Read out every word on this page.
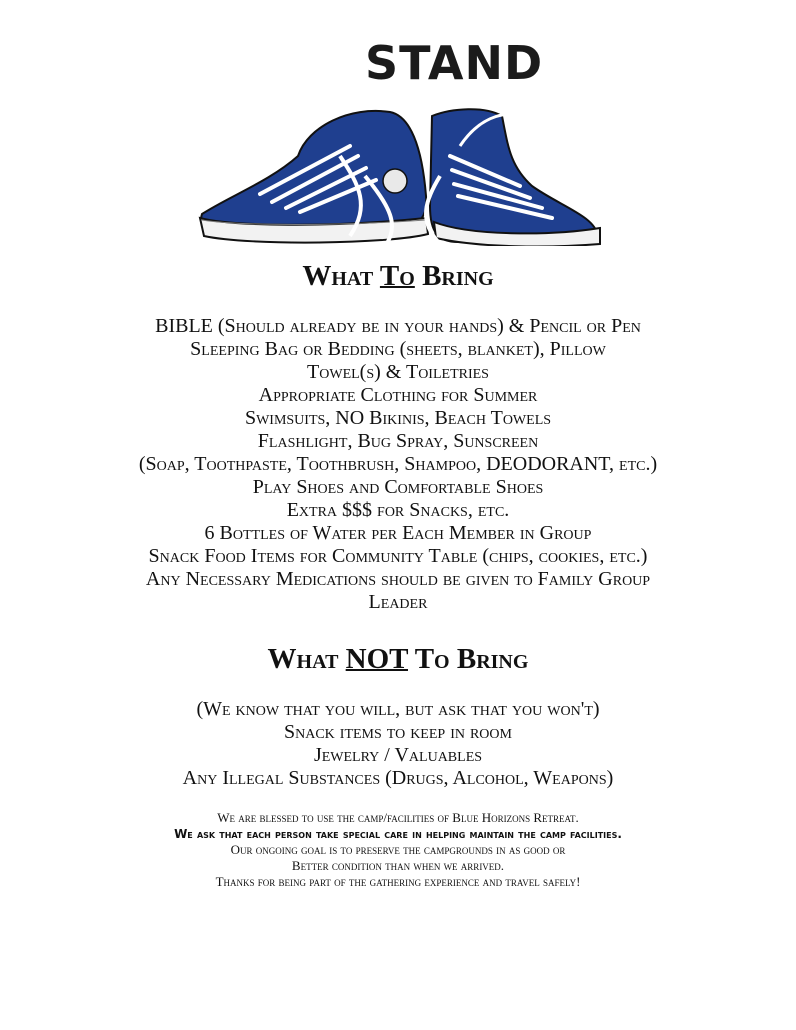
STAND
What To Bring
BIBLE (Should already be in your hands) & Pencil or Pen
Sleeping Bag or Bedding (sheets, blanket), Pillow
Towel(s) & Toiletries
Appropriate Clothing for Summer
Swimsuits, NO Bikinis, Beach Towels
Flashlight, Bug Spray, Sunscreen
(Soap, Toothpaste, Toothbrush, Shampoo, DEODORANT, etc.)
Play Shoes and Comfortable Shoes
Extra $$$ for Snacks, etc.
6 Bottles of Water per Each Member in Group
Snack Food Items for Community Table (chips, cookies, etc.)
Any Necessary Medications should be given to Family Group
Leader
What NOT To Bring
(We know that you will, but ask that you won't)
Snack items to keep in room
Jewelry / Valuables
Any Illegal Substances (Drugs, Alcohol, Weapons)
We are blessed to use the camp/facilities of Blue Horizons Retreat.
We ask that each person take special care in helping maintain the camp facilities.
Our ongoing goal is to preserve the campgrounds in as good or
Better condition than when we arrived.
Thanks for being part of the gathering experience and travel safely!
